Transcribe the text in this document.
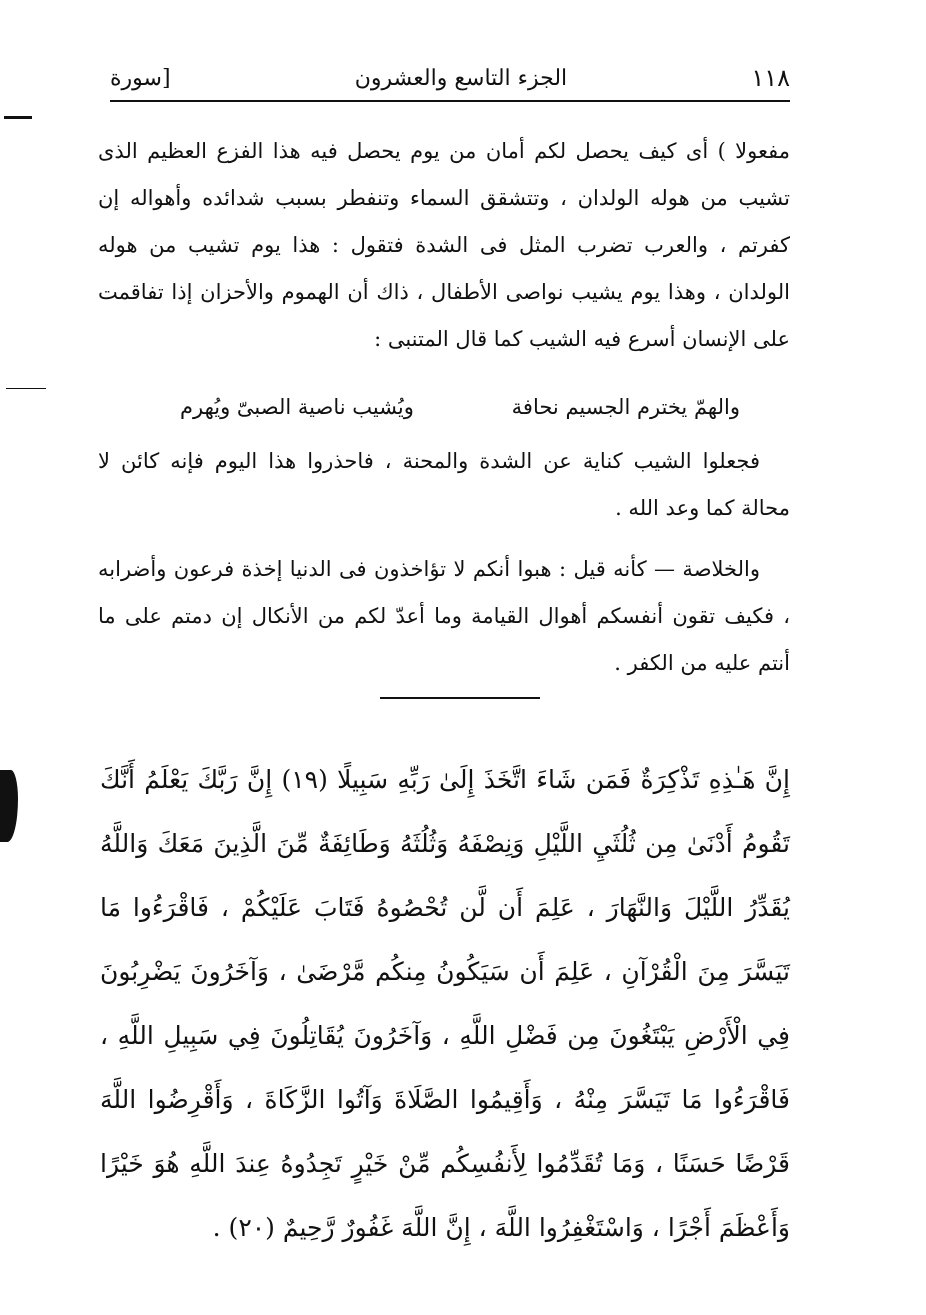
١١٨
الجزء التاسع والعشرون
[سورة

مفعولا ) أى كيف يحصل لكم أمان من يوم يحصل فيه هذا الفزع العظيم الذى تشيب من هوله الولدان ، وتتشقق السماء وتنفطر بسبب شدائده وأهواله إن كفرتم ، والعرب تضرب المثل فى الشدة فتقول : هذا يوم تشيب من هوله الولدان ، وهذا يوم يشيب نواصى الأطفال ، ذاك أن الهموم والأحزان إذا تفاقمت على الإنسان أسرع فيه الشيب كما قال المتنبى :

والهمّ يخترم الجسيم نحافة
ويُشيب ناصية الصبىّ ويُهرم

فجعلوا الشيب كناية عن الشدة والمحنة ، فاحذروا هذا اليوم فإنه كائن لا محالة كما وعد الله .

والخلاصة — كأنه قيل : هبوا أنكم لا تؤاخذون فى الدنيا إخذة فرعون وأضرابه ، فكيف تقون أنفسكم أهوال القيامة وما أعدّ لكم من الأنكال إن دمتم على ما أنتم عليه من الكفر .

إِنَّ هَـٰذِهِ تَذْكِرَةٌ فَمَن شَاءَ اتَّخَذَ إِلَىٰ رَبِّهِ سَبِيلًا (١٩) إِنَّ رَبَّكَ يَعْلَمُ أَنَّكَ تَقُومُ أَدْنَىٰ مِن ثُلُثَيِ اللَّيْلِ وَنِصْفَهُ وَثُلُثَهُ وَطَائِفَةٌ مِّنَ الَّذِينَ مَعَكَ وَاللَّهُ يُقَدِّرُ اللَّيْلَ وَالنَّهَارَ ، عَلِمَ أَن لَّن تُحْصُوهُ فَتَابَ عَلَيْكُمْ ، فَاقْرَءُوا مَا تَيَسَّرَ مِنَ الْقُرْآنِ ، عَلِمَ أَن سَيَكُونُ مِنكُم مَّرْضَىٰ ، وَآخَرُونَ يَضْرِبُونَ فِي الْأَرْضِ يَبْتَغُونَ مِن فَضْلِ اللَّهِ ، وَآخَرُونَ يُقَاتِلُونَ فِي سَبِيلِ اللَّهِ ، فَاقْرَءُوا مَا تَيَسَّرَ مِنْهُ ، وَأَقِيمُوا الصَّلَاةَ وَآتُوا الزَّكَاةَ ، وَأَقْرِضُوا اللَّهَ قَرْضًا حَسَنًا ، وَمَا تُقَدِّمُوا لِأَنفُسِكُم مِّنْ خَيْرٍ تَجِدُوهُ عِندَ اللَّهِ هُوَ خَيْرًا وَأَعْظَمَ أَجْرًا ، وَاسْتَغْفِرُوا اللَّهَ ، إِنَّ اللَّهَ غَفُورٌ رَّحِيمٌ (٢٠) .
